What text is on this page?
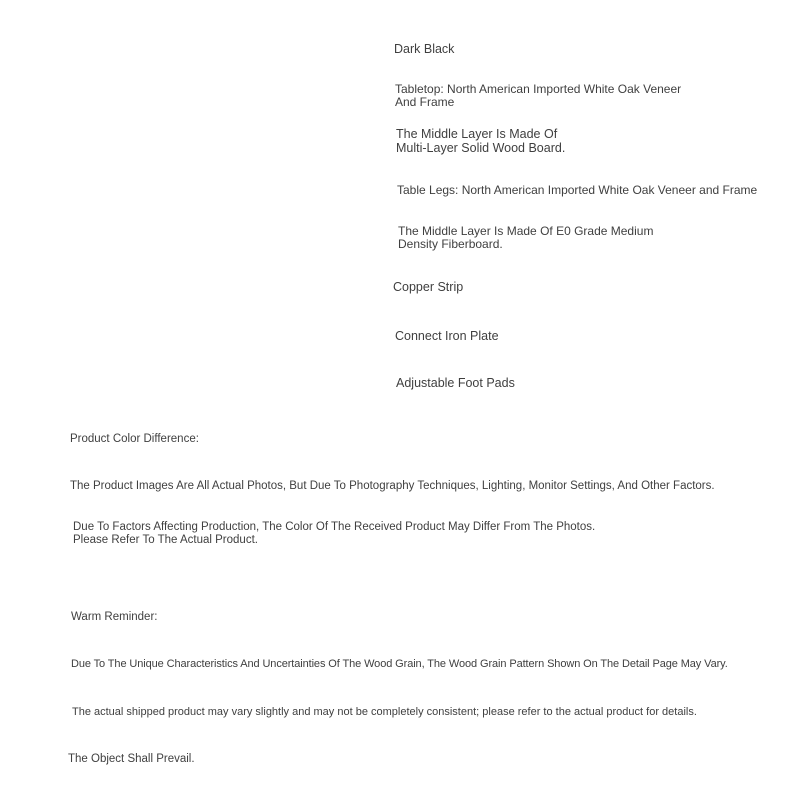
Dark Black

Tabletop: North American Imported White Oak Veneer
And Frame

The Middle Layer Is Made Of
Multi-Layer Solid Wood Board.

Table Legs: North American Imported White Oak Veneer and Frame

The Middle Layer Is Made Of E0 Grade Medium
Density Fiberboard.

Copper Strip

Connect Iron Plate

Adjustable Foot Pads

Product Color Difference:

The Product Images Are All Actual Photos, But Due To Photography Techniques, Lighting, Monitor Settings, And Other Factors.

Due To Factors Affecting Production, The Color Of The Received Product May Differ From The Photos.
Please Refer To The Actual Product.

Warm Reminder:

Due To The Unique Characteristics And Uncertainties Of The Wood Grain, The Wood Grain Pattern Shown On The Detail Page May Vary.

The actual shipped product may vary slightly and may not be completely consistent; please refer to the actual product for details.

The Object Shall Prevail.
